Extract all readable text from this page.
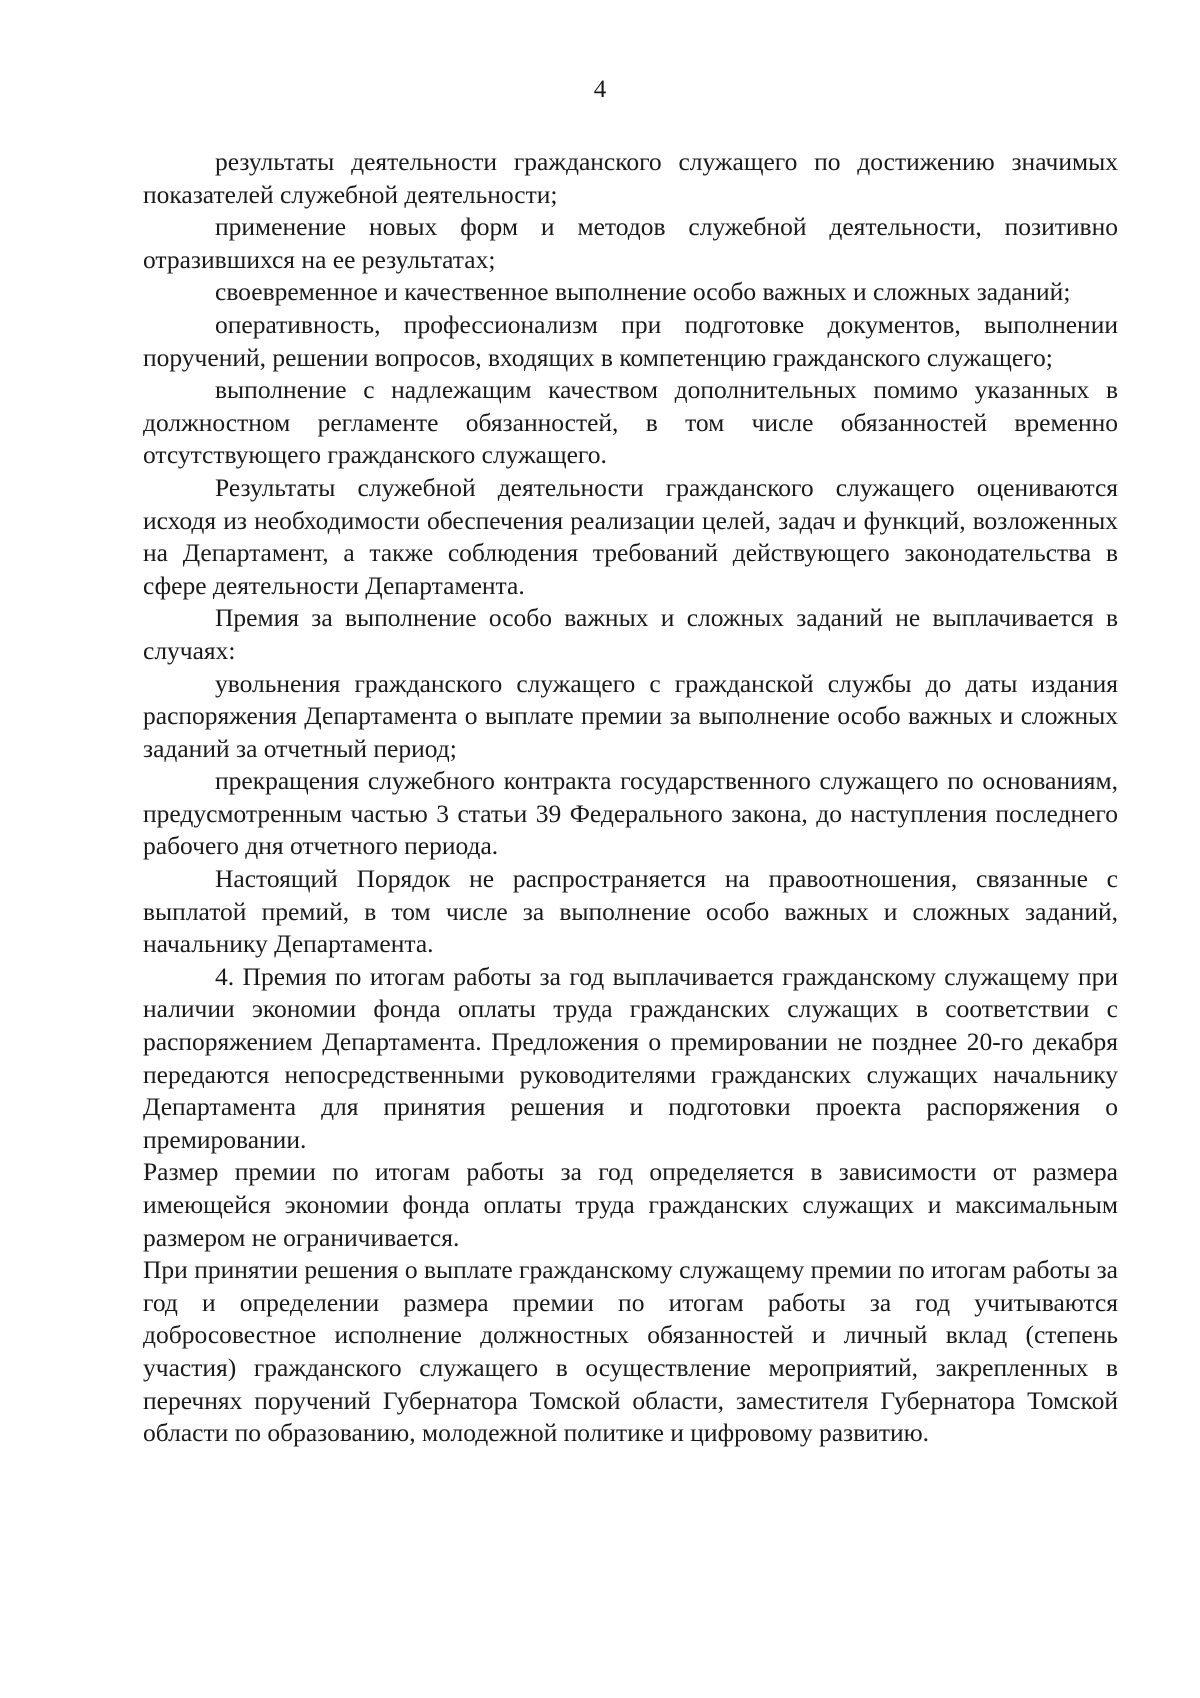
4

результаты деятельности гражданского служащего по достижению значимых показателей служебной деятельности;

применение новых форм и методов служебной деятельности, позитивно отразившихся на ее результатах;

своевременное и качественное выполнение особо важных и сложных заданий;

оперативность, профессионализм при подготовке документов, выполнении поручений, решении вопросов, входящих в компетенцию гражданского служащего;

выполнение с надлежащим качеством дополнительных помимо указанных в должностном регламенте обязанностей, в том числе обязанностей временно отсутствующего гражданского служащего.

Результаты служебной деятельности гражданского служащего оцениваются исходя из необходимости обеспечения реализации целей, задач и функций, возложенных на Департамент, а также соблюдения требований действующего законодательства в сфере деятельности Департамента.

Премия за выполнение особо важных и сложных заданий не выплачивается в случаях:

увольнения гражданского служащего с гражданской службы до даты издания распоряжения Департамента о выплате премии за выполнение особо важных и сложных заданий за отчетный период;

прекращения служебного контракта государственного служащего по основаниям, предусмотренным частью 3 статьи 39 Федерального закона, до наступления последнего рабочего дня отчетного периода.

Настоящий Порядок не распространяется на правоотношения, связанные с выплатой премий, в том числе за выполнение особо важных и сложных заданий, начальнику Департамента.

4. Премия по итогам работы за год выплачивается гражданскому служащему при наличии экономии фонда оплаты труда гражданских служащих в соответствии с распоряжением Департамента. Предложения о премировании не позднее 20-го декабря передаются непосредственными руководителями гражданских служащих начальнику Департамента для принятия решения и подготовки проекта распоряжения о премировании.

Размер премии по итогам работы за год определяется в зависимости от размера имеющейся экономии фонда оплаты труда гражданских служащих и максимальным размером не ограничивается.

При принятии решения о выплате гражданскому служащему премии по итогам работы за год и определении размера премии по итогам работы за год учитываются добросовестное исполнение должностных обязанностей и личный вклад (степень участия) гражданского служащего в осуществление мероприятий, закрепленных в перечнях поручений Губернатора Томской области, заместителя Губернатора Томской области по образованию, молодежной политике и цифровому развитию.
